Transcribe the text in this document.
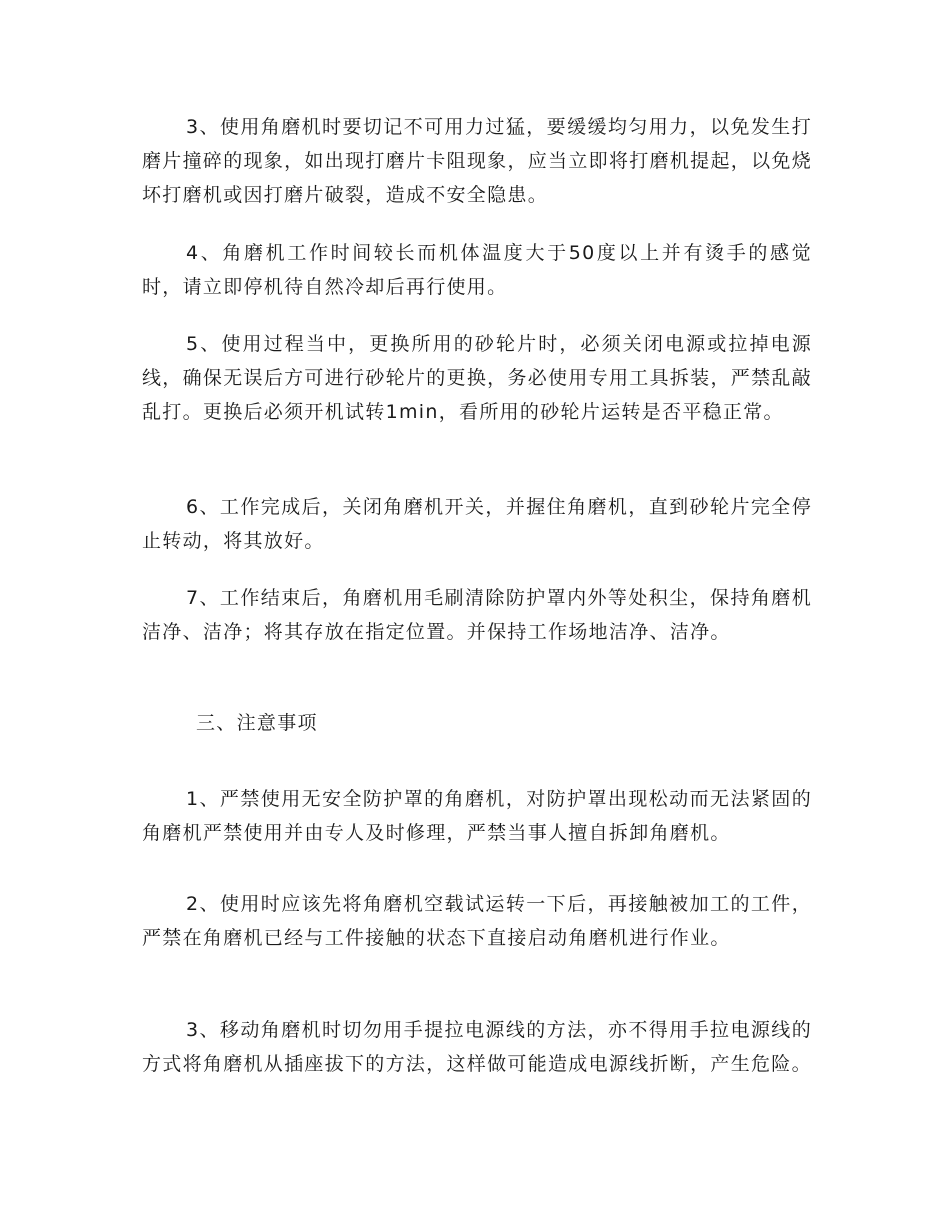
3、使用角磨机时要切记不可用力过猛，要缓缓均匀用力，以免发生打磨片撞碎的现象，如出现打磨片卡阻现象，应当立即将打磨机提起，以免烧坏打磨机或因打磨片破裂，造成不安全隐患。

4、角磨机工作时间较长而机体温度大于50度以上并有烫手的感觉时，请立即停机待自然冷却后再行使用。

5、使用过程当中，更换所用的砂轮片时，必须关闭电源或拉掉电源线，确保无误后方可进行砂轮片的更换，务必使用专用工具拆装，严禁乱敲乱打。更换后必须开机试转1min，看所用的砂轮片运转是否平稳正常。

6、工作完成后，关闭角磨机开关，并握住角磨机，直到砂轮片完全停止转动，将其放好。

7、工作结束后，角磨机用毛刷清除防护罩内外等处积尘，保持角磨机洁净、洁净；将其存放在指定位置。并保持工作场地洁净、洁净。

三、注意事项

1、严禁使用无安全防护罩的角磨机，对防护罩出现松动而无法紧固的角磨机严禁使用并由专人及时修理，严禁当事人擅自拆卸角磨机。

2、使用时应该先将角磨机空载试运转一下后，再接触被加工的工件，严禁在角磨机已经与工件接触的状态下直接启动角磨机进行作业。

3、移动角磨机时切勿用手提拉电源线的方法，亦不得用手拉电源线的方式将角磨机从插座拔下的方法，这样做可能造成电源线折断，产生危险。
